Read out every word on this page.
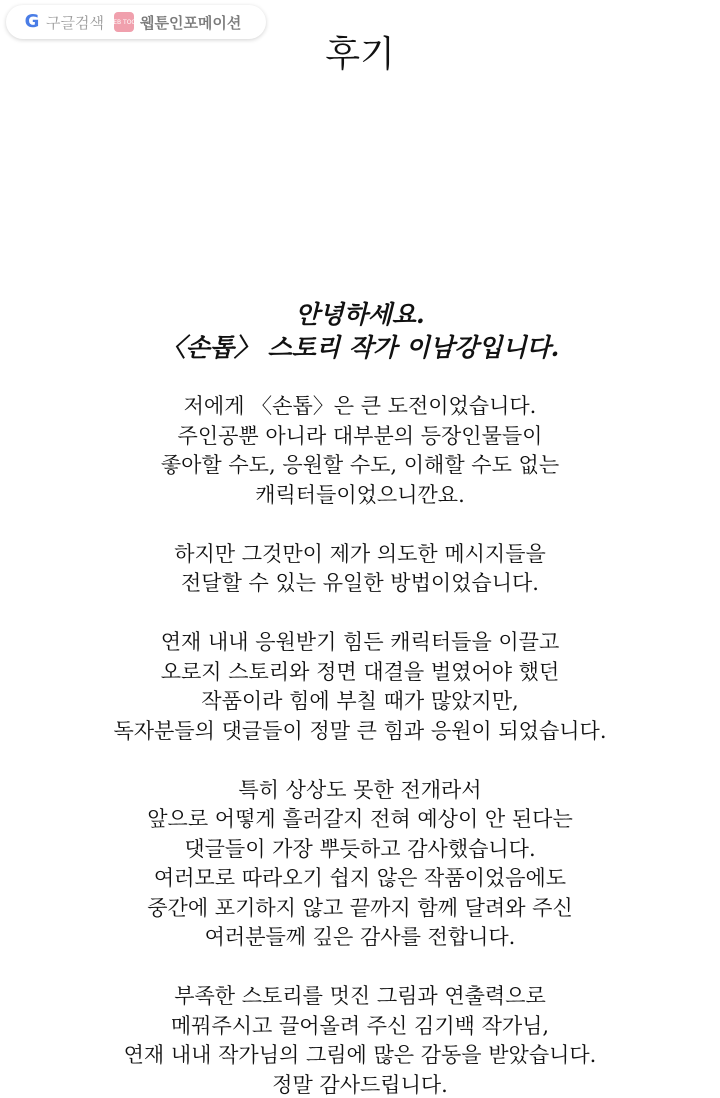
G 구글검색 WEB TOON 웹툰인포메이션
후기
안녕하세요.
〈손톱〉 스토리 작가 이남강입니다.
저에게 〈손톱〉은 큰 도전이었습니다.
주인공뿐 아니라 대부분의 등장인물들이
좋아할 수도, 응원할 수도, 이해할 수도 없는
캐릭터들이었으니깐요.
하지만 그것만이 제가 의도한 메시지들을
전달할 수 있는 유일한 방법이었습니다.
연재 내내 응원받기 힘든 캐릭터들을 이끌고
오로지 스토리와 정면 대결을 벌였어야 했던
작품이라 힘에 부칠 때가 많았지만,
독자분들의 댓글들이 정말 큰 힘과 응원이 되었습니다.
특히 상상도 못한 전개라서
앞으로 어떻게 흘러갈지 전혀 예상이 안 된다는
댓글들이 가장 뿌듯하고 감사했습니다.
여러모로 따라오기 쉽지 않은 작품이었음에도
중간에 포기하지 않고 끝까지 함께 달려와 주신
여러분들께 깊은 감사를 전합니다.
부족한 스토리를 멋진 그림과 연출력으로
메꿔주시고 끌어올려 주신 김기백 작가님,
연재 내내 작가님의 그림에 많은 감동을 받았습니다.
정말 감사드립니다.
